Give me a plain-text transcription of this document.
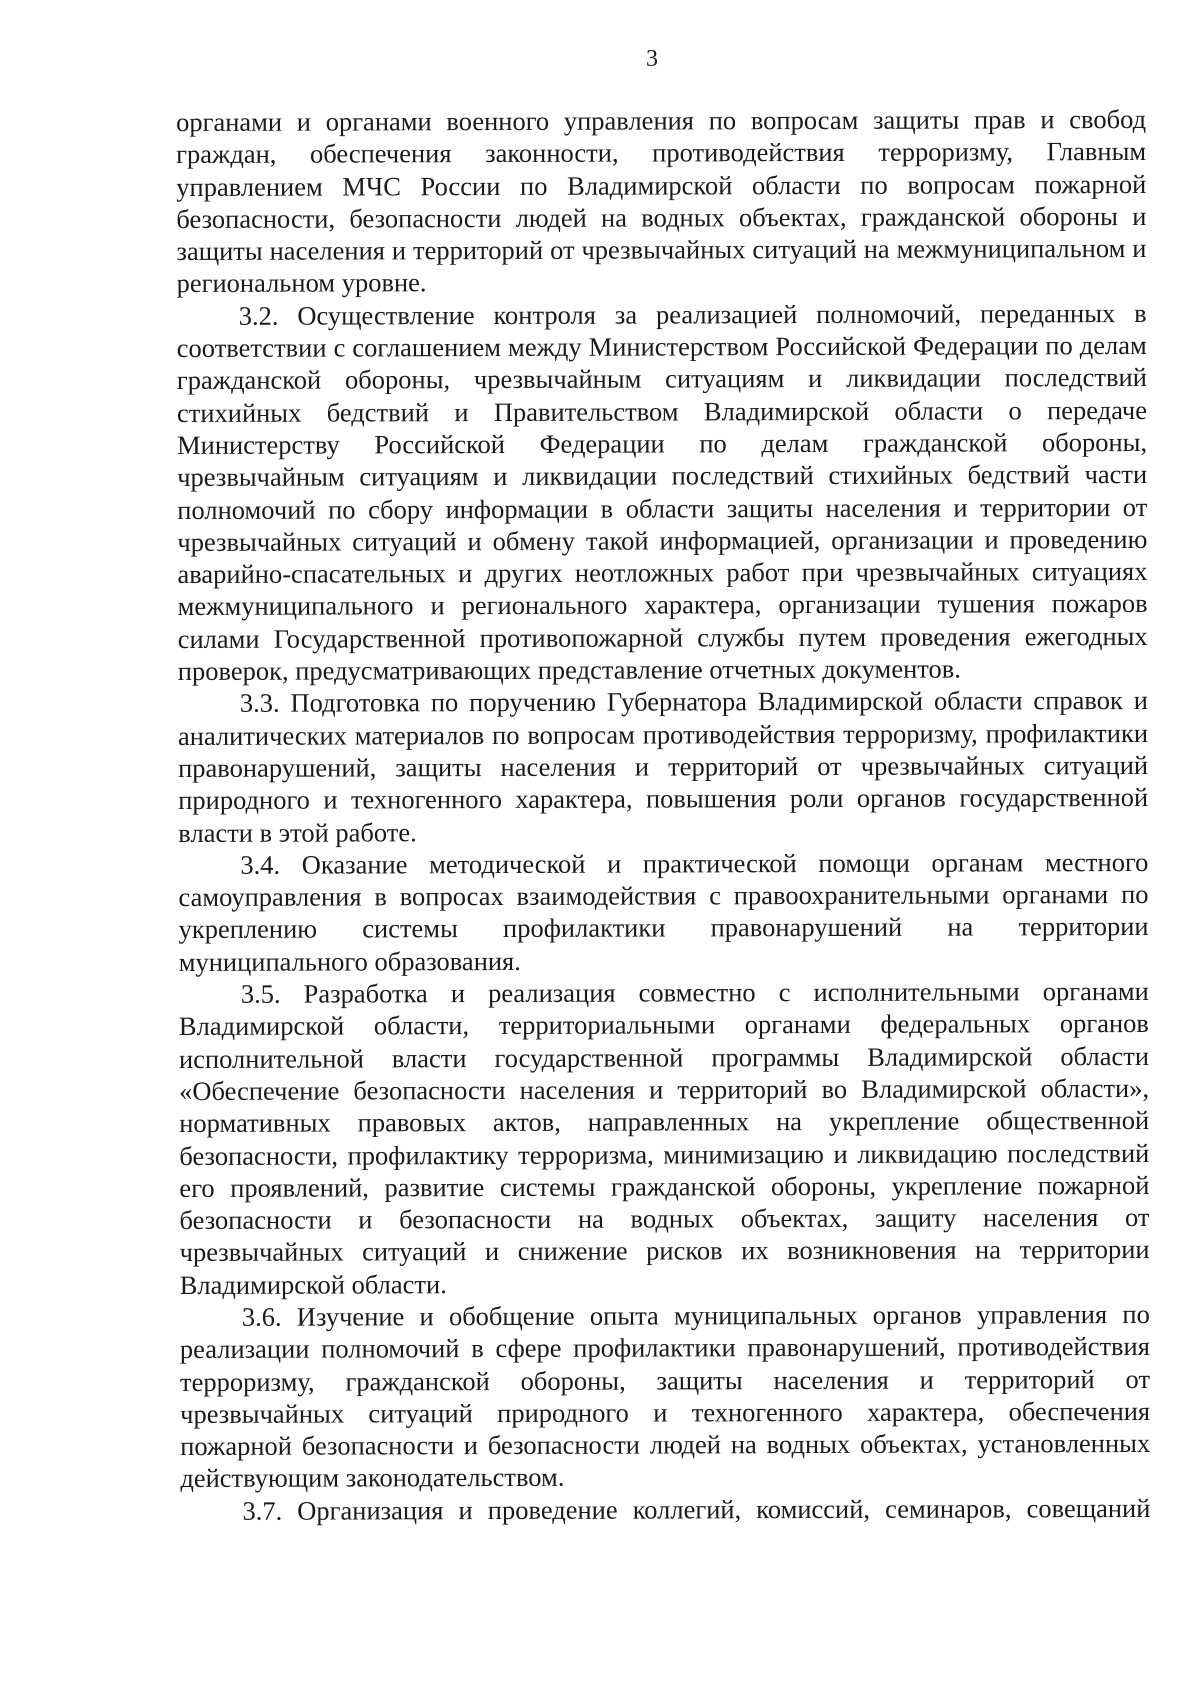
3

органами и органами военного управления по вопросам защиты прав и свобод граждан, обеспечения законности, противодействия терроризму, Главным управлением МЧС России по Владимирской области по вопросам пожарной безопасности, безопасности людей на водных объектах, гражданской обороны и защиты населения и территорий от чрезвычайных ситуаций на межмуниципальном и региональном уровне.

3.2. Осуществление контроля за реализацией полномочий, переданных в соответствии с соглашением между Министерством Российской Федерации по делам гражданской обороны, чрезвычайным ситуациям и ликвидации последствий стихийных бедствий и Правительством Владимирской области о передаче Министерству Российской Федерации по делам гражданской обороны, чрезвычайным ситуациям и ликвидации последствий стихийных бедствий части полномочий по сбору информации в области защиты населения и территории от чрезвычайных ситуаций и обмену такой информацией, организации и проведению аварийно-спасательных и других неотложных работ при чрезвычайных ситуациях межмуниципального и регионального характера, организации тушения пожаров силами Государственной противопожарной службы путем проведения ежегодных проверок, предусматривающих представление отчетных документов.

3.3. Подготовка по поручению Губернатора Владимирской области справок и аналитических материалов по вопросам противодействия терроризму, профилактики правонарушений, защиты населения и территорий от чрезвычайных ситуаций природного и техногенного характера, повышения роли органов государственной власти в этой работе.

3.4. Оказание методической и практической помощи органам местного самоуправления в вопросах взаимодействия с правоохранительными органами по укреплению системы профилактики правонарушений на территории муниципального образования.

3.5. Разработка и реализация совместно с исполнительными органами Владимирской области, территориальными органами федеральных органов исполнительной власти государственной программы Владимирской области «Обеспечение безопасности населения и территорий во Владимирской области», нормативных правовых актов, направленных на укрепление общественной безопасности, профилактику терроризма, минимизацию и ликвидацию последствий его проявлений, развитие системы гражданской обороны, укрепление пожарной безопасности и безопасности на водных объектах, защиту населения от чрезвычайных ситуаций и снижение рисков их возникновения на территории Владимирской области.

3.6. Изучение и обобщение опыта муниципальных органов управления по реализации полномочий в сфере профилактики правонарушений, противодействия терроризму, гражданской обороны, защиты населения и территорий от чрезвычайных ситуаций природного и техногенного характера, обеспечения пожарной безопасности и безопасности людей на водных объектах, установленных действующим законодательством.

3.7. Организация и проведение коллегий, комиссий, семинаров, совещаний
